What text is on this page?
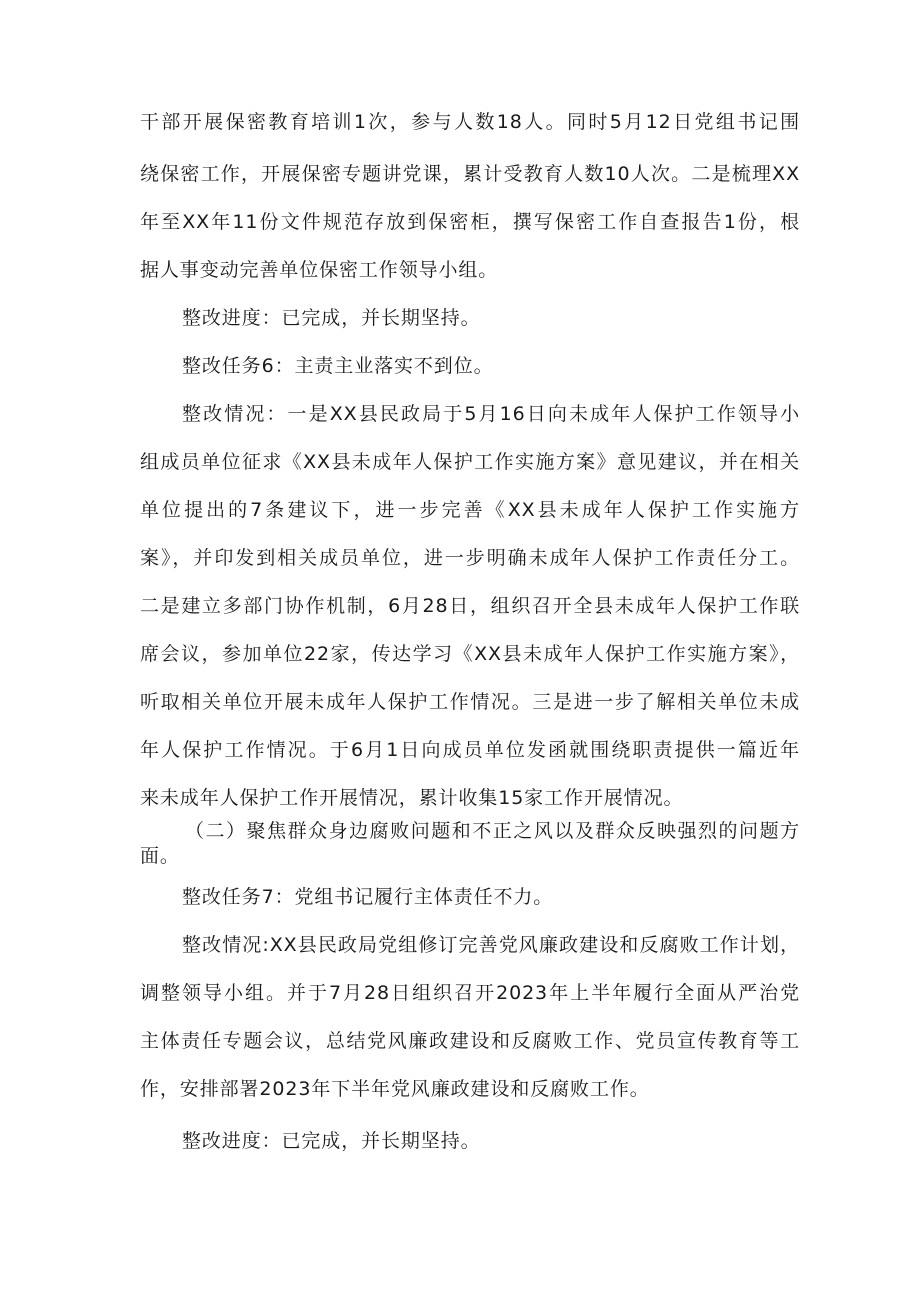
干部开展保密教育培训1次，参与人数18人。同时5月12日党组书记围
绕保密工作，开展保密专题讲党课，累计受教育人数10人次。二是梳理XX
年至XX年11份文件规范存放到保密柜，撰写保密工作自查报告1份，根
据人事变动完善单位保密工作领导小组。
整改进度：已完成，并长期坚持。
整改任务6：主责主业落实不到位。
整改情况：一是XX县民政局于5月16日向未成年人保护工作领导小
组成员单位征求《XX县未成年人保护工作实施方案》意见建议，并在相关
单位提出的7条建议下，进一步完善《XX县未成年人保护工作实施方
案》，并印发到相关成员单位，进一步明确未成年人保护工作责任分工。
二是建立多部门协作机制，6月28日，组织召开全县未成年人保护工作联
席会议，参加单位22家，传达学习《XX县未成年人保护工作实施方案》，
听取相关单位开展未成年人保护工作情况。三是进一步了解相关单位未成
年人保护工作情况。于6月1日向成员单位发函就围绕职责提供一篇近年
来未成年人保护工作开展情况，累计收集15家工作开展情况。
（二）聚焦群众身边腐败问题和不正之风以及群众反映强烈的问题方
面。
整改任务7：党组书记履行主体责任不力。
整改情况:XX县民政局党组修订完善党风廉政建设和反腐败工作计划，
调整领导小组。并于7月28日组织召开2023年上半年履行全面从严治党
主体责任专题会议，总结党风廉政建设和反腐败工作、党员宣传教育等工
作，安排部署2023年下半年党风廉政建设和反腐败工作。
整改进度：已完成，并长期坚持。
